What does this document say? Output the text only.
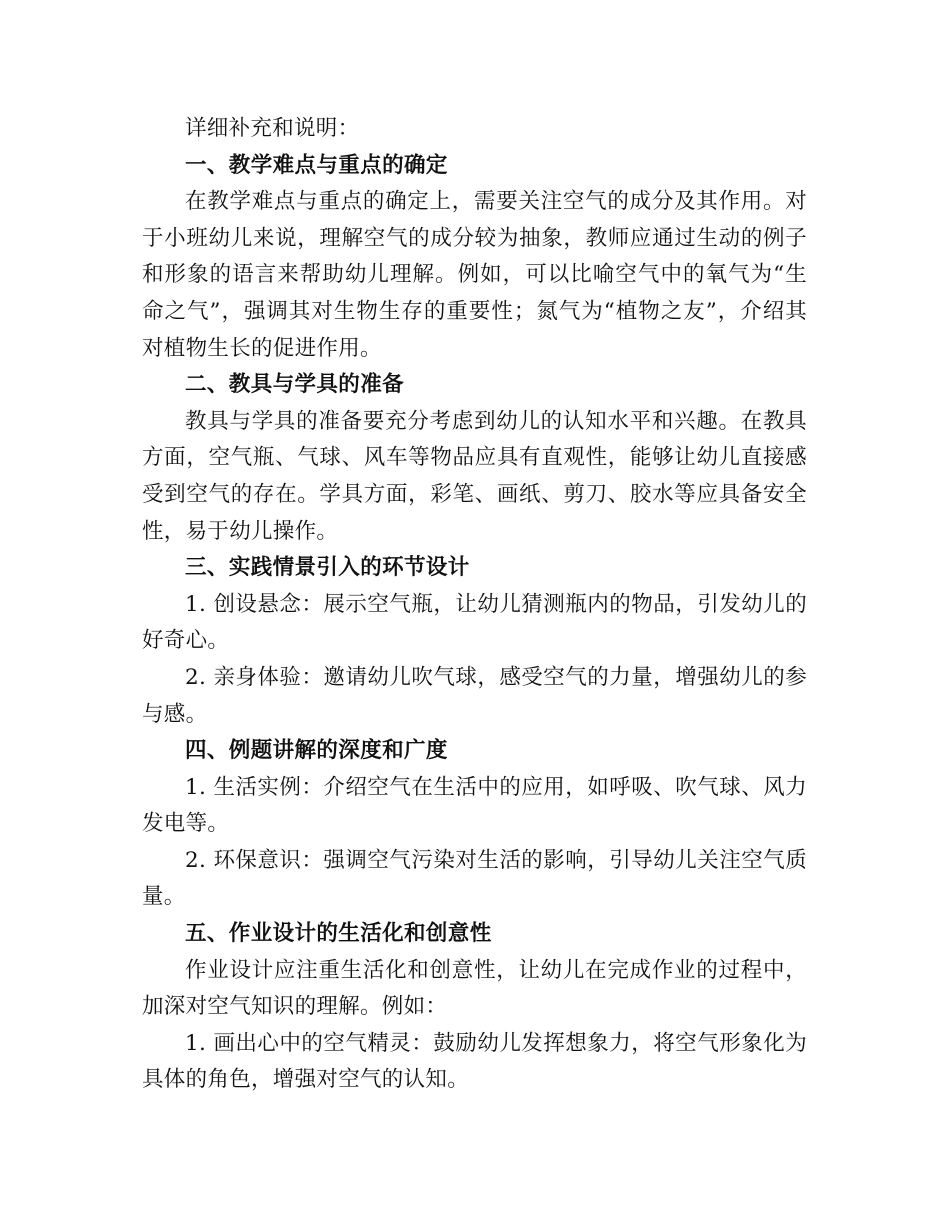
详细补充和说明：

一、教学难点与重点的确定

在教学难点与重点的确定上，需要关注空气的成分及其作用。对于小班幼儿来说，理解空气的成分较为抽象，教师应通过生动的例子和形象的语言来帮助幼儿理解。例如，可以比喻空气中的氧气为“生命之气”，强调其对生物生存的重要性；氮气为“植物之友”，介绍其对植物生长的促进作用。

二、教具与学具的准备

教具与学具的准备要充分考虑到幼儿的认知水平和兴趣。在教具方面，空气瓶、气球、风车等物品应具有直观性，能够让幼儿直接感受到空气的存在。学具方面，彩笔、画纸、剪刀、胶水等应具备安全性，易于幼儿操作。

三、实践情景引入的环节设计

1. 创设悬念：展示空气瓶，让幼儿猜测瓶内的物品，引发幼儿的好奇心。

2. 亲身体验：邀请幼儿吹气球，感受空气的力量，增强幼儿的参与感。

四、例题讲解的深度和广度

1. 生活实例：介绍空气在生活中的应用，如呼吸、吹气球、风力发电等。

2. 环保意识：强调空气污染对生活的影响，引导幼儿关注空气质量。

五、作业设计的生活化和创意性

作业设计应注重生活化和创意性，让幼儿在完成作业的过程中，加深对空气知识的理解。例如：

1. 画出心中的空气精灵：鼓励幼儿发挥想象力，将空气形象化为具体的角色，增强对空气的认知。
